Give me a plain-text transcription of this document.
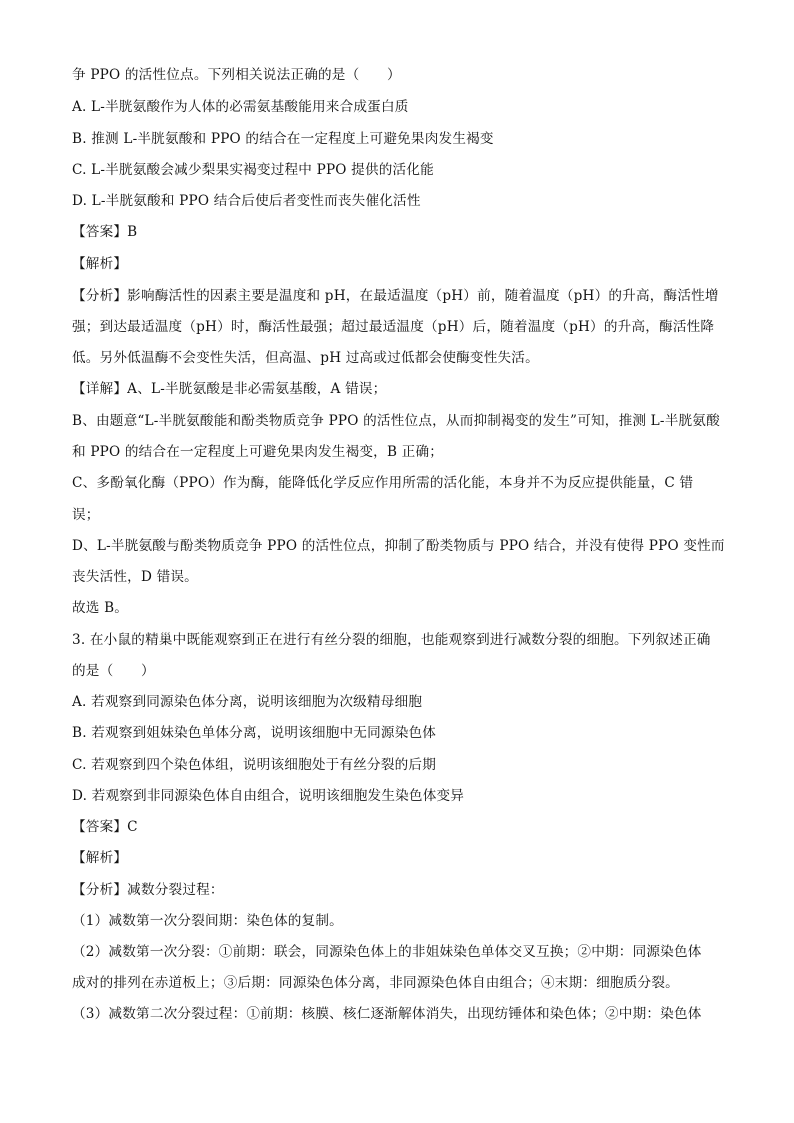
争 PPO 的活性位点。下列相关说法正确的是（　　）
A. L-半胱氨酸作为人体的必需氨基酸能用来合成蛋白质
B. 推测 L-半胱氨酸和 PPO 的结合在一定程度上可避免果肉发生褐变
C. L-半胱氨酸会减少梨果实褐变过程中 PPO 提供的活化能
D. L-半胱氨酸和 PPO 结合后使后者变性而丧失催化活性
【答案】B
【解析】
【分析】影响酶活性的因素主要是温度和 pH，在最适温度（pH）前，随着温度（pH）的升高，酶活性增
强；到达最适温度（pH）时，酶活性最强；超过最适温度（pH）后，随着温度（pH）的升高，酶活性降
低。另外低温酶不会变性失活，但高温、pH 过高或过低都会使酶变性失活。
【详解】A、L-半胱氨酸是非必需氨基酸，A 错误；
B、由题意“L-半胱氨酸能和酚类物质竞争 PPO 的活性位点，从而抑制褐变的发生”可知，推测 L-半胱氨酸
和 PPO 的结合在一定程度上可避免果肉发生褐变，B 正确；
C、多酚氧化酶（PPO）作为酶，能降低化学反应作用所需的活化能，本身并不为反应提供能量，C 错
误；
D、L-半胱氨酸与酚类物质竞争 PPO 的活性位点，抑制了酚类物质与 PPO 结合，并没有使得 PPO 变性而
丧失活性，D 错误。
故选 B。
3. 在小鼠的精巢中既能观察到正在进行有丝分裂的细胞，也能观察到进行减数分裂的细胞。下列叙述正确
的是（　　）
A. 若观察到同源染色体分离，说明该细胞为次级精母细胞
B. 若观察到姐妹染色单体分离，说明该细胞中无同源染色体
C. 若观察到四个染色体组，说明该细胞处于有丝分裂的后期
D. 若观察到非同源染色体自由组合，说明该细胞发生染色体变异
【答案】C
【解析】
【分析】减数分裂过程：
（1）减数第一次分裂间期：染色体的复制。
（2）减数第一次分裂：①前期：联会，同源染色体上的非姐妹染色单体交叉互换；②中期：同源染色体
成对的排列在赤道板上；③后期：同源染色体分离，非同源染色体自由组合；④末期：细胞质分裂。
（3）减数第二次分裂过程：①前期：核膜、核仁逐渐解体消失，出现纺锤体和染色体；②中期：染色体
